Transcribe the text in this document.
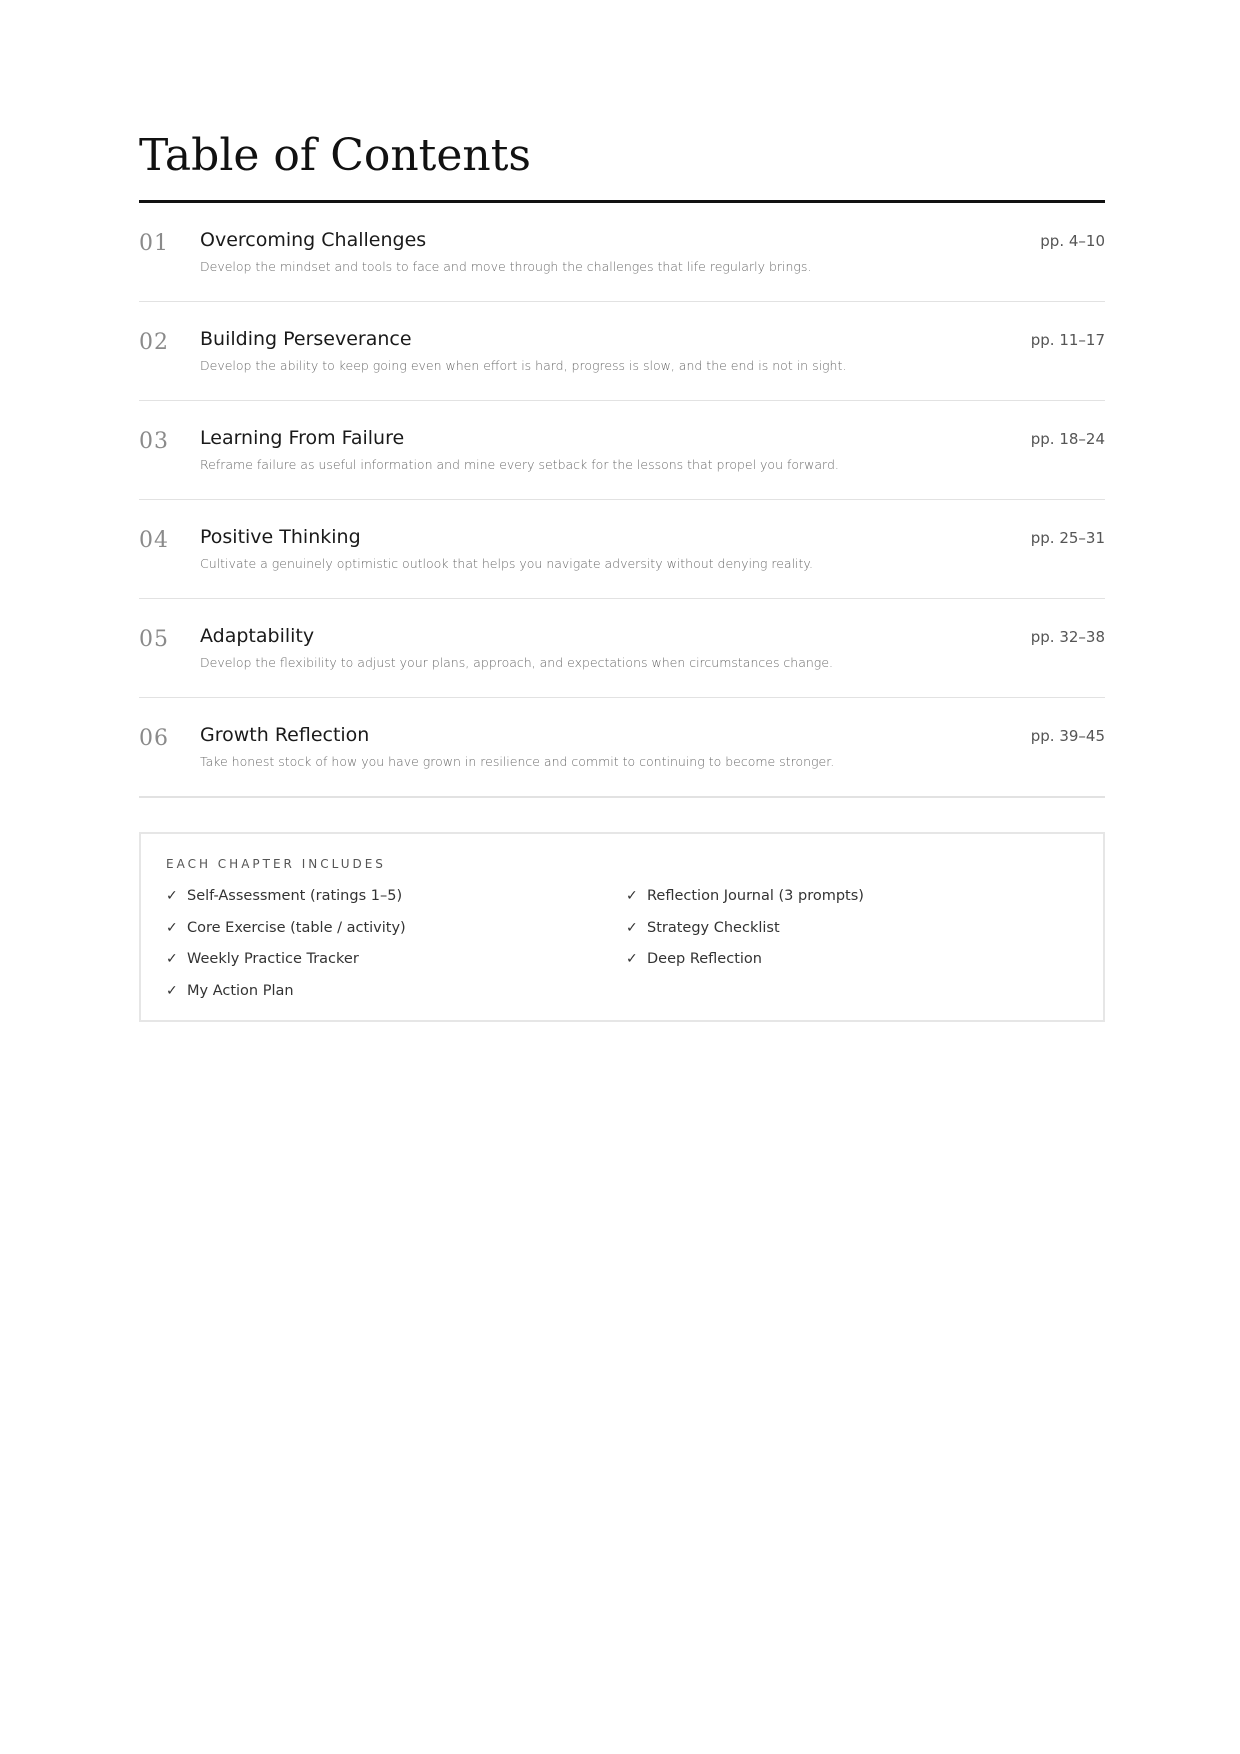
Table of Contents
01 Overcoming Challenges
Develop the mindset and tools to face and move through the challenges that life regularly brings.
pp. 4–10
02 Building Perseverance
Develop the ability to keep going even when effort is hard, progress is slow, and the end is not in sight.
pp. 11–17
03 Learning From Failure
Reframe failure as useful information and mine every setback for the lessons that propel you forward.
pp. 18–24
04 Positive Thinking
Cultivate a genuinely optimistic outlook that helps you navigate adversity without denying reality.
pp. 25–31
05 Adaptability
Develop the flexibility to adjust your plans, approach, and expectations when circumstances change.
pp. 32–38
06 Growth Reflection
Take honest stock of how you have grown in resilience and commit to continuing to become stronger.
pp. 39–45
EACH CHAPTER INCLUDES
✓ Self-Assessment (ratings 1–5)
✓ Core Exercise (table / activity)
✓ Weekly Practice Tracker
✓ My Action Plan
✓ Reflection Journal (3 prompts)
✓ Strategy Checklist
✓ Deep Reflection
